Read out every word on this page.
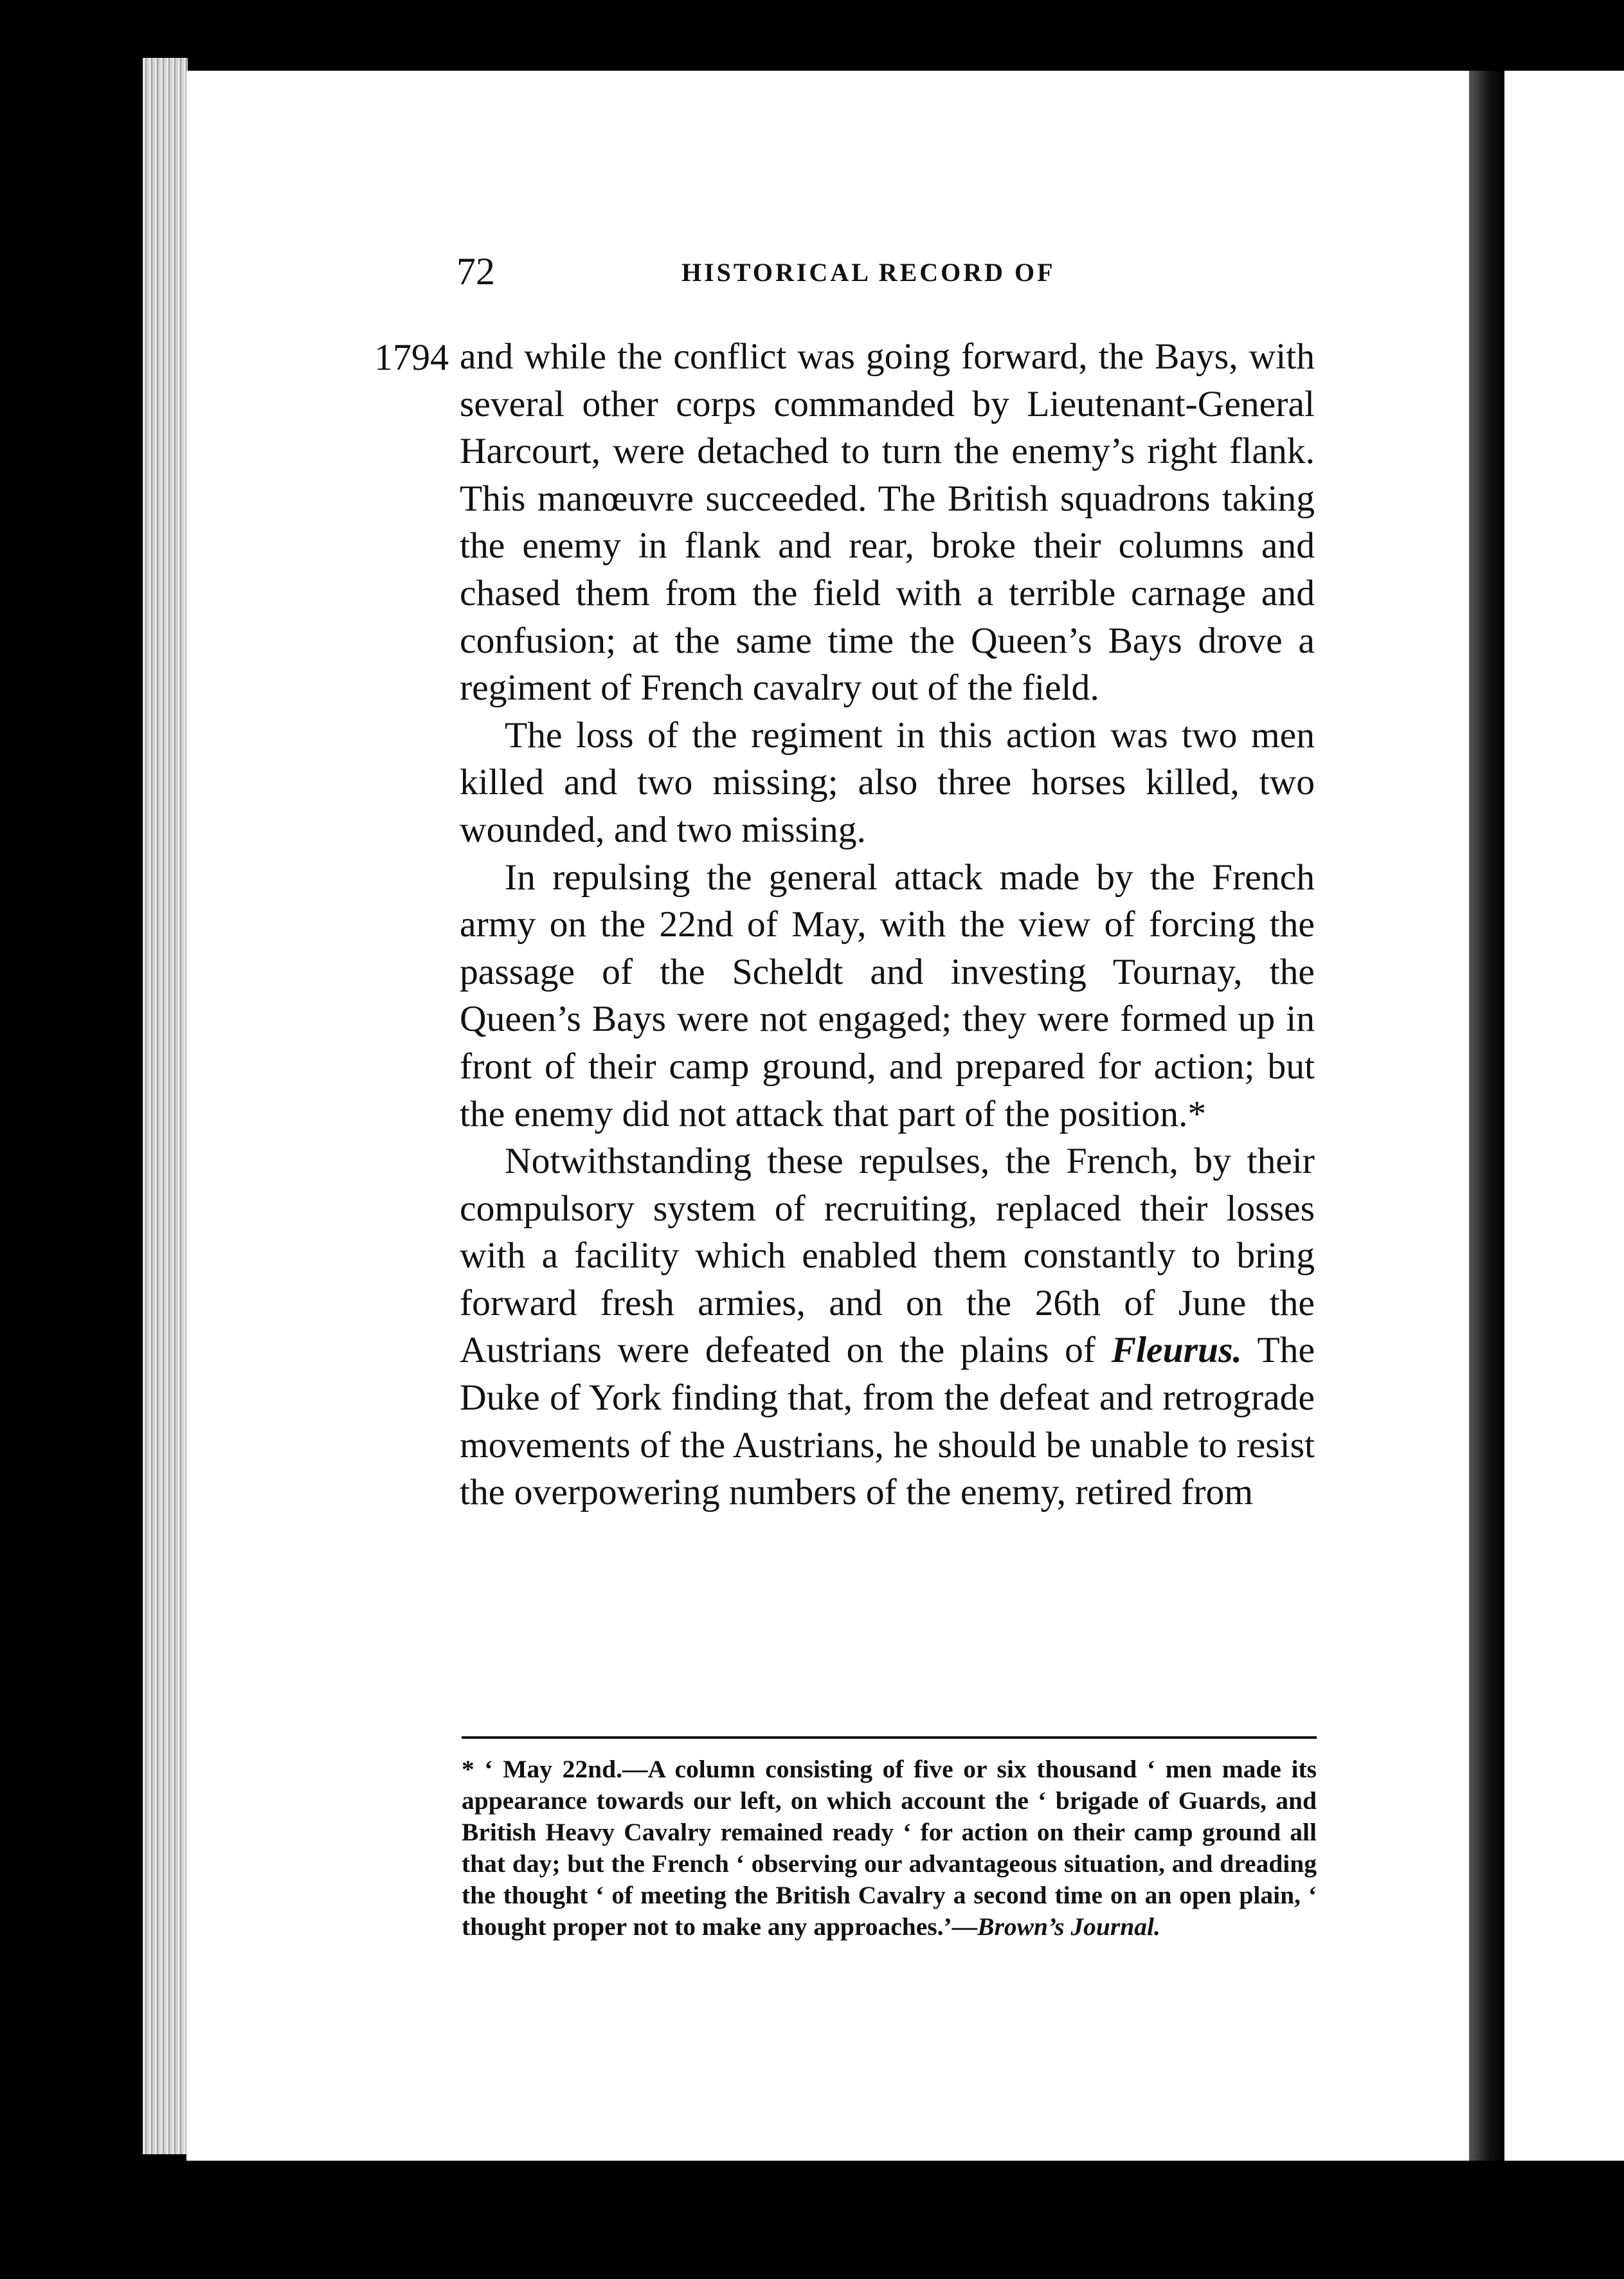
72	HISTORICAL RECORD OF
1794 and while the conflict was going forward, the Bays, with several other corps commanded by Lieutenant-General Harcourt, were detached to turn the enemy’s right flank. This manœuvre succeeded. The British squadrons taking the enemy in flank and rear, broke their columns and chased them from the field with a terrible carnage and confusion; at the same time the Queen’s Bays drove a regiment of French cavalry out of the field.

The loss of the regiment in this action was two men killed and two missing; also three horses killed, two wounded, and two missing.

In repulsing the general attack made by the French army on the 22nd of May, with the view of forcing the passage of the Scheldt and investing Tournay, the Queen’s Bays were not engaged; they were formed up in front of their camp ground, and prepared for action; but the enemy did not attack that part of the position.*

Notwithstanding these repulses, the French, by their compulsory system of recruiting, replaced their losses with a facility which enabled them constantly to bring forward fresh armies, and on the 26th of June the Austrians were defeated on the plains of Fleurus. The Duke of York finding that, from the defeat and retrograde movements of the Austrians, he should be unable to resist the overpowering numbers of the enemy, retired from

* ‘ May 22nd.—A column consisting of five or six thousand ‘ men made its appearance towards our left, on which account the ‘ brigade of Guards, and British Heavy Cavalry remained ready ‘ for action on their camp ground all that day; but the French ‘ observing our advantageous situation, and dreading the thought ‘ of meeting the British Cavalry a second time on an open plain, ‘ thought proper not to make any approaches.’—Brown’s Journal.
